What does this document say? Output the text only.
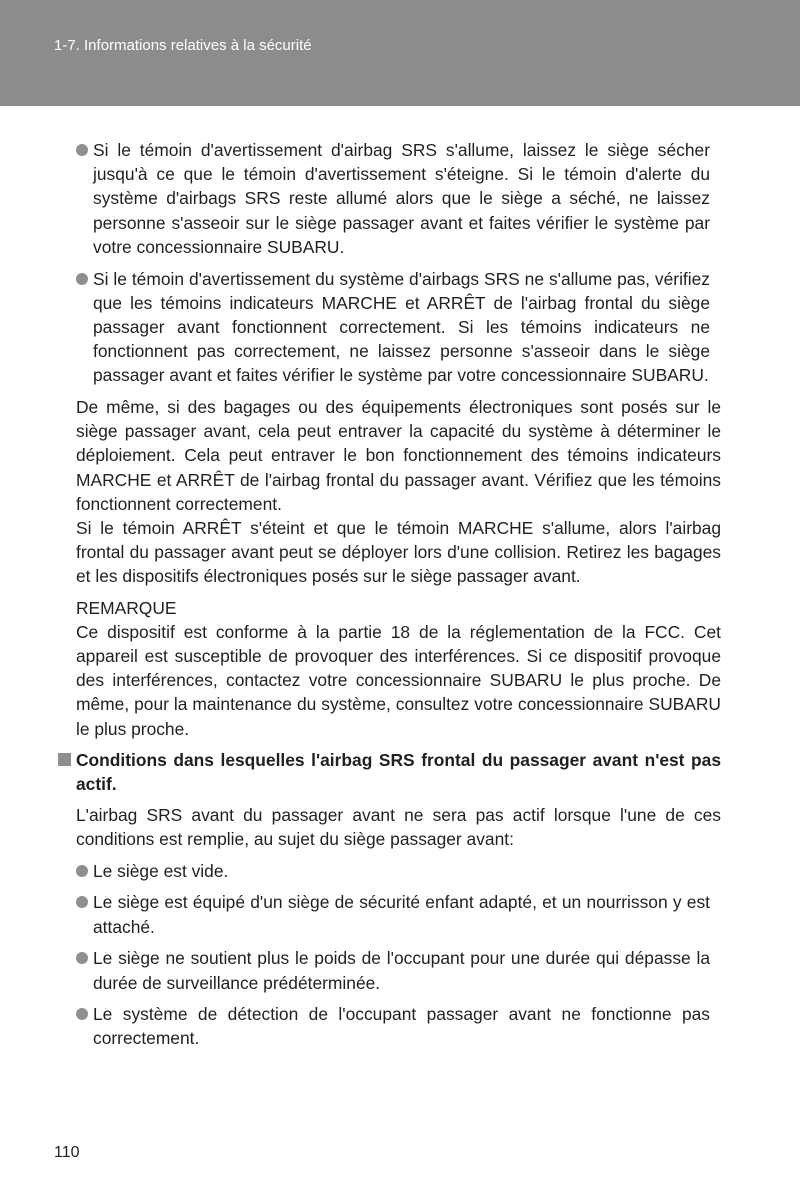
1-7. Informations relatives à la sécurité
Si le témoin d'avertissement d'airbag SRS s'allume, laissez le siège sécher jusqu'à ce que le témoin d'avertissement s'éteigne. Si le témoin d'alerte du système d'airbags SRS reste allumé alors que le siège a séché, ne laissez personne s'asseoir sur le siège passager avant et faites vérifier le système par votre concessionnaire SUBARU.
Si le témoin d'avertissement du système d'airbags SRS ne s'allume pas, vérifiez que les témoins indicateurs MARCHE et ARRÊT de l'airbag frontal du siège passager avant fonctionnent correctement. Si les témoins indicateurs ne fonctionnent pas correctement, ne laissez personne s'asseoir dans le siège passager avant et faites vérifier le système par votre concessionnaire SUBARU.
De même, si des bagages ou des équipements électroniques sont posés sur le siège passager avant, cela peut entraver la capacité du système à déterminer le déploiement. Cela peut entraver le bon fonctionnement des témoins indicateurs MARCHE et ARRÊT de l'airbag frontal du passager avant. Vérifiez que les témoins fonctionnent correctement.
Si le témoin ARRÊT s'éteint et que le témoin MARCHE s'allume, alors l'airbag frontal du passager avant peut se déployer lors d'une collision. Retirez les bagages et les dispositifs électroniques posés sur le siège passager avant.
REMARQUE
Ce dispositif est conforme à la partie 18 de la réglementation de la FCC. Cet appareil est susceptible de provoquer des interférences. Si ce dispositif provoque des interférences, contactez votre concessionnaire SUBARU le plus proche. De même, pour la maintenance du système, consultez votre concessionnaire SUBARU le plus proche.
Conditions dans lesquelles l'airbag SRS frontal du passager avant n'est pas actif.
L'airbag SRS avant du passager avant ne sera pas actif lorsque l'une de ces conditions est remplie, au sujet du siège passager avant:
Le siège est vide.
Le siège est équipé d'un siège de sécurité enfant adapté, et un nourrisson y est attaché.
Le siège ne soutient plus le poids de l'occupant pour une durée qui dépasse la durée de surveillance prédéterminée.
Le système de détection de l'occupant passager avant ne fonctionne pas correctement.
110
